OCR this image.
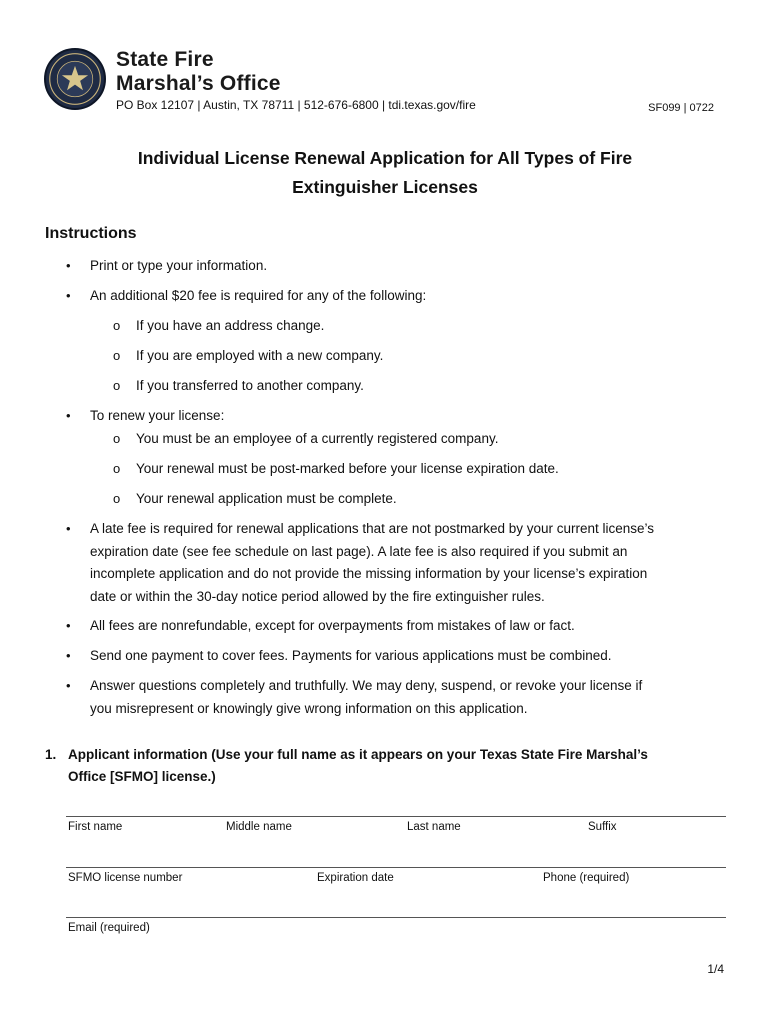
State Fire
Marshal’s Office
PO Box 12107 | Austin, TX 78711 | 512-676-6800 | tdi.texas.gov/fire	SF099 | 0722
Individual License Renewal Application for All Types of Fire
Extinguisher Licenses
Instructions
• Print or type your information.
• An additional $20 fee is required for any of the following:
o If you have an address change.
o If you are employed with a new company.
o If you transferred to another company.
• To renew your license:
o You must be an employee of a currently registered company.
o Your renewal must be post-marked before your license expiration date.
o Your renewal application must be complete.
• A late fee is required for renewal applications that are not postmarked by your current license’s
expiration date (see fee schedule on last page). A late fee is also required if you submit an
incomplete application and do not provide the missing information by your license’s expiration
date or within the 30-day notice period allowed by the fire extinguisher rules.
• All fees are nonrefundable, except for overpayments from mistakes of law or fact.
• Send one payment to cover fees. Payments for various applications must be combined.
• Answer questions completely and truthfully. We may deny, suspend, or revoke your license if
you misrepresent or knowingly give wrong information on this application.
1. Applicant information (Use your full name as it appears on your Texas State Fire Marshal’s
Office [SFMO] license.)
First name	Middle name	Last name	Suffix
SFMO license number	Expiration date	Phone (required)
Email (required)
1/4
